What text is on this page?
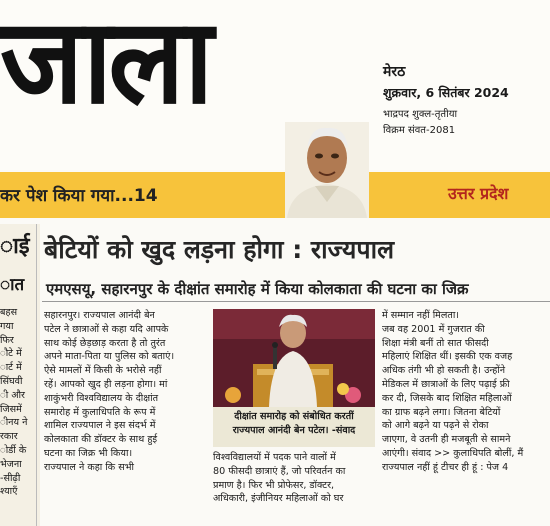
जाला	मेरठ
शुक्रवार, 6 सितंबर 2024
भाद्रपद शुक्ल-तृतीया
विक्रम संवत-2081
कर पेश किया गया...14	उत्तर प्रदेश
ाई
ात
बहस
गया
फिर
ौटे में
ार्ट में
सिंघवी
ी और
जिसमें
ीनय ने
रकार
ोर्डी के
भेजना
-सीढ़ी
श्याएँ
बेटियों को खुद लड़ना होगा : राज्यपाल
एमएसयू, सहारनपुर के दीक्षांत समारोह में किया कोलकाता की घटना का जिक्र
सहारनपुर। राज्यपाल आनंदी बेन
पटेल ने छात्राओं से कहा यदि आपके
साथ कोई छेड़छाड़ करता है तो तुरंत
अपने माता-पिता या पुलिस को बताएं।
ऐसे मामलों में किसी के भरोसे नहीं
रहें। आपको खुद ही लड़ना होगा। मां
शाकुंभरी विश्वविद्यालय के दीक्षांत
समारोह में कुलाधिपति के रूप में
शामिल राज्यपाल ने इस संदर्भ में
कोलकाता की डॉक्टर के साथ हुई
घटना का जिक्र भी किया।
राज्यपाल ने कहा कि सभी
दीक्षांत समारोह को संबोधित करतीं
राज्यपाल आनंदी बेन पटेल। -संवाद
विश्वविद्यालयों में पदक पाने वालों में
80 फीसदी छात्राएं हैं, जो परिवर्तन का
प्रमाण है। फिर भी प्रोफेसर, डॉक्टर,
अधिकारी, इंजीनियर महिलाओं को घर
में सम्मान नहीं मिलता।
जब वह 2001 में गुजरात की
शिक्षा मंत्री बनीं तो सात फीसदी
महिलाएं शिक्षित थीं। इसकी एक वजह
अधिक तंगी भी हो सकती है। उन्होंने
मेडिकल में छात्राओं के लिए पढ़ाई फ्री
कर दी, जिसके बाद शिक्षित महिलाओं
का ग्राफ बढ़ने लगा। जितना बेटियों
को आगे बढ़ने या पढ़ने से रोका
जाएगा, वे उतनी ही मजबूती से सामने
आएंगी। संवाद >> कुलाधिपति बोलीं, मैं
राज्यपाल नहीं हूं टीचर ही हूं : पेज 4
